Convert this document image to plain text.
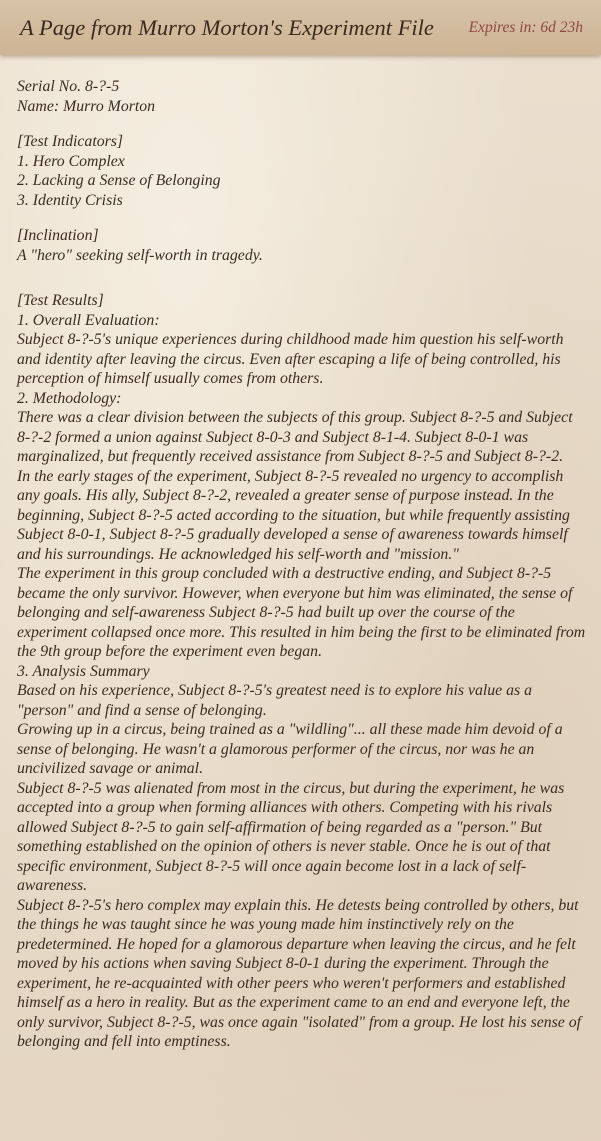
A Page from Murro Morton's Experiment File Expires in: 6d 23h

Serial No. 8-?-5

Name: Murro Morton

[Test Indicators]

1. Hero Complex

2. Lacking a Sense of Belonging

3. Identity Crisis

[Inclination]

A "hero" seeking self-worth in tragedy.

[Test Results]

1. Overall Evaluation:

Subject 8-?-5's unique experiences during childhood made him question his self-worth and identity after leaving the circus. Even after escaping a life of being controlled, his perception of himself usually comes from others.

2. Methodology:

There was a clear division between the subjects of this group. Subject 8-?-5 and Subject 8-?-2 formed a union against Subject 8-0-3 and Subject 8-1-4. Subject 8-0-1 was marginalized, but frequently received assistance from Subject 8-?-5 and Subject 8-?-2.

In the early stages of the experiment, Subject 8-?-5 revealed no urgency to accomplish any goals. His ally, Subject 8-?-2, revealed a greater sense of purpose instead. In the beginning, Subject 8-?-5 acted according to the situation, but while frequently assisting Subject 8-0-1, Subject 8-?-5 gradually developed a sense of awareness towards himself and his surroundings. He acknowledged his self-worth and "mission."

The experiment in this group concluded with a destructive ending, and Subject 8-?-5 became the only survivor. However, when everyone but him was eliminated, the sense of belonging and self-awareness Subject 8-?-5 had built up over the course of the experiment collapsed once more. This resulted in him being the first to be eliminated from the 9th group before the experiment even began.

3. Analysis Summary

Based on his experience, Subject 8-?-5's greatest need is to explore his value as a "person" and find a sense of belonging.

Growing up in a circus, being trained as a "wildling"... all these made him devoid of a sense of belonging. He wasn't a glamorous performer of the circus, nor was he an uncivilized savage or animal.

Subject 8-?-5 was alienated from most in the circus, but during the experiment, he was accepted into a group when forming alliances with others. Competing with his rivals allowed Subject 8-?-5 to gain self-affirmation of being regarded as a "person." But something established on the opinion of others is never stable. Once he is out of that specific environment, Subject 8-?-5 will once again become lost in a lack of self-awareness.

Subject 8-?-5's hero complex may explain this. He detests being controlled by others, but the things he was taught since he was young made him instinctively rely on the predetermined. He hoped for a glamorous departure when leaving the circus, and he felt moved by his actions when saving Subject 8-0-1 during the experiment. Through the experiment, he re-acquainted with other peers who weren't performers and established himself as a hero in reality. But as the experiment came to an end and everyone left, the only survivor, Subject 8-?-5, was once again "isolated" from a group. He lost his sense of belonging and fell into emptiness.
